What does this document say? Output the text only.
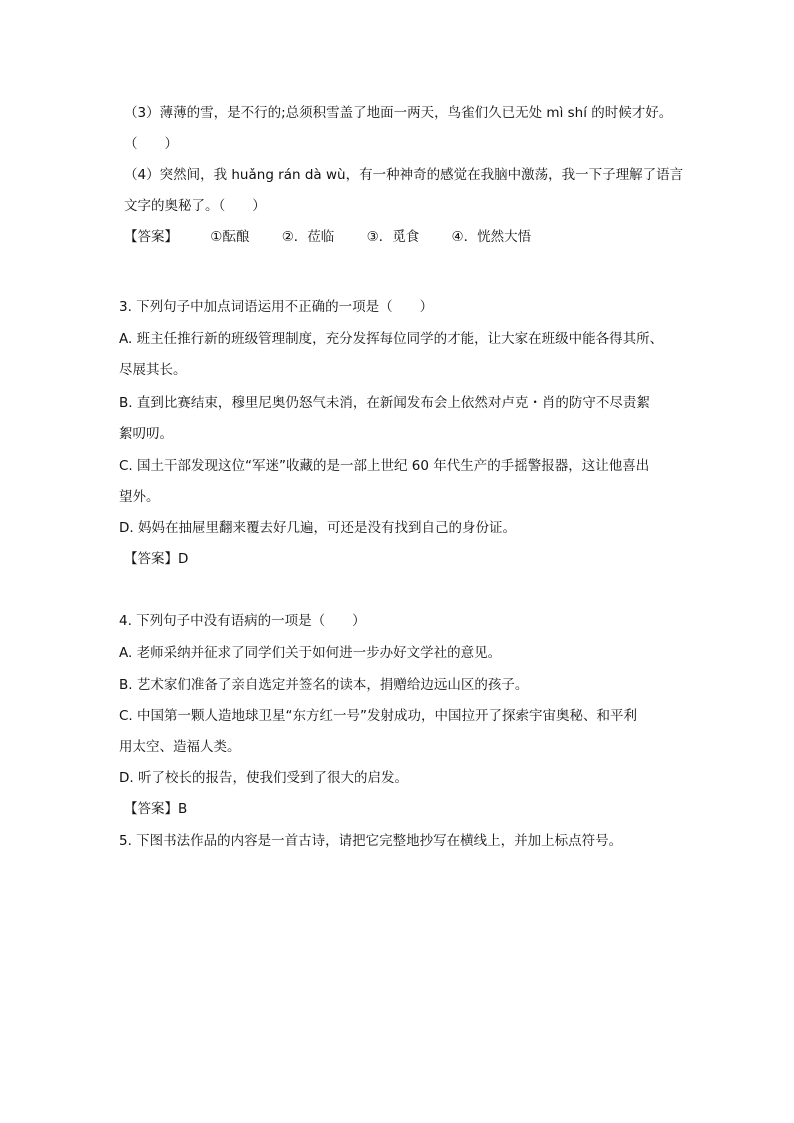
（3）薄薄的雪，是不行的;总须积雪盖了地面一两天，鸟雀们久已无处 mì shí 的时候才好。
（　　）
（4）突然间，我 huǎng rán dà wù，有一种神奇的感觉在我脑中激荡，我一下子理解了语言
文字的奥秘了。（　　）
【答案】 ①酝酿 ②．莅临 ③．觅食 ④．恍然大悟
3. 下列句子中加点词语运用不正确的一项是（　　）
A. 班主任推行新的班级管理制度，充分发挥每位同学的才能，让大家在班级中能各得其所、
尽展其长。
B. 直到比赛结束，穆里尼奥仍怒气未消，在新闻发布会上依然对卢克・肖的防守不尽责絮
絮叨叨。
C. 国土干部发现这位“军迷”收藏的是一部上世纪 60 年代生产的手摇警报器，这让他喜出
望外。
D. 妈妈在抽屉里翻来覆去好几遍，可还是没有找到自己的身份证。
【答案】D
4. 下列句子中没有语病的一项是（　　）
A. 老师采纳并征求了同学们关于如何进一步办好文学社的意见。
B. 艺术家们准备了亲自选定并签名的读本，捐赠给边远山区的孩子。
C. 中国第一颗人造地球卫星“东方红一号”发射成功，中国拉开了探索宇宙奥秘、和平利
用太空、造福人类。
D. 听了校长的报告，使我们受到了很大的启发。
【答案】B
5. 下图书法作品的内容是一首古诗，请把它完整地抄写在横线上，并加上标点符号。
